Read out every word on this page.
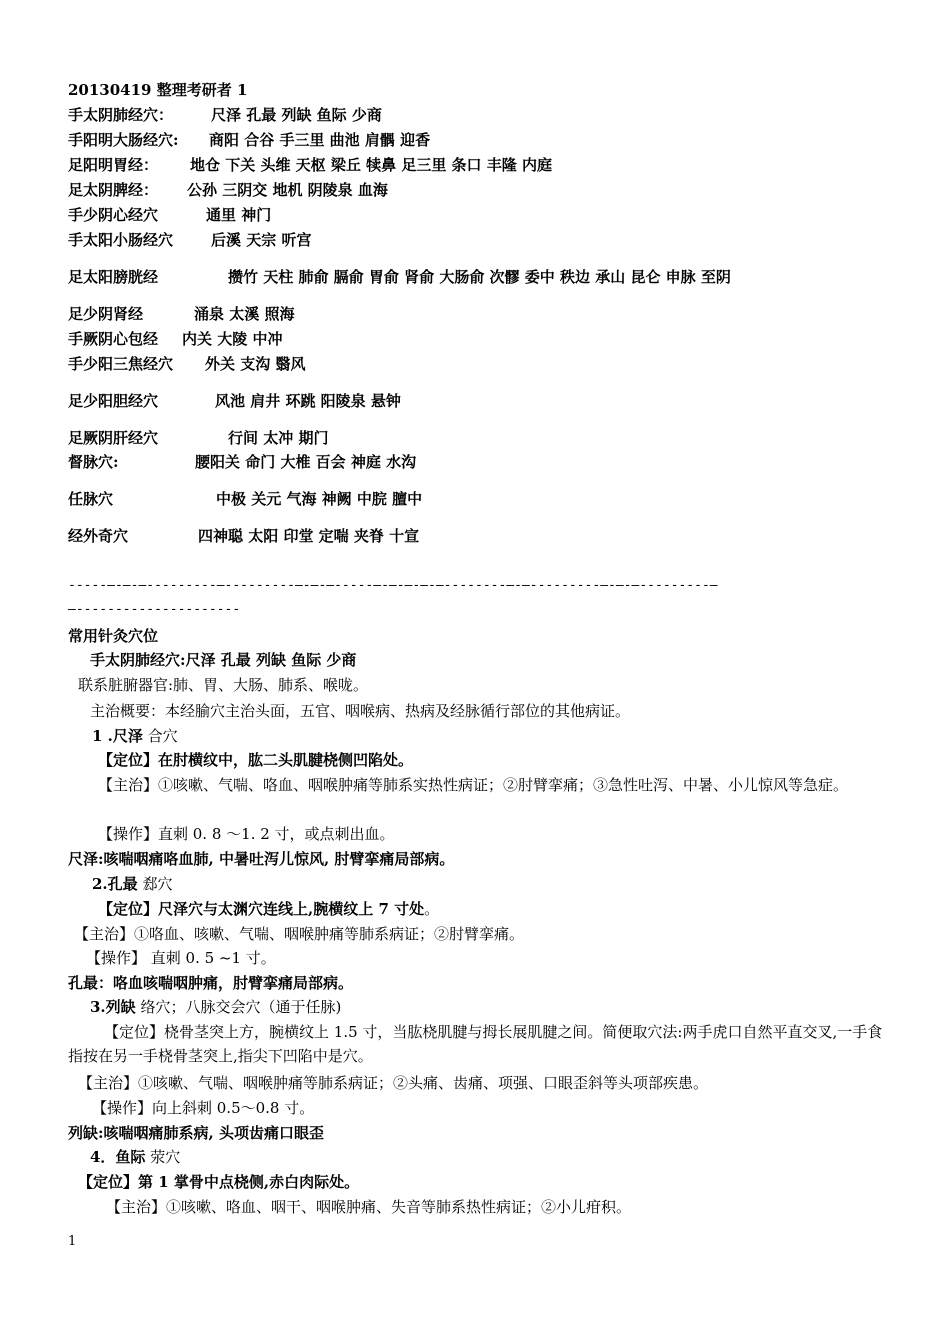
20130419 整理考研者 1
手太阴肺经穴：	尺泽 孔最 列缺 鱼际 少商
手阳明大肠经穴: 商阳 合谷 手三里 曲池 肩髃 迎香
足阳明胃经： 地仓 下关 头维 天枢 梁丘 犊鼻 足三里 条口 丰隆 内庭
足太阴脾经： 公孙 三阴交 地机 阴陵泉 血海
手少阴心经穴	通里 神门
手太阳小肠经穴	后溪 天宗 听宫
足太阳膀胱经	攒竹 天柱 肺俞 膈俞 胃俞 肾俞 大肠俞 次髎 委中 秩边 承山 昆仑 申脉 至阴
足少阴肾经	涌泉 太溪 照海
手厥阴心包经 内关 大陵 中冲
手少阳三焦经穴 外关 支沟 翳风
足少阳胆经穴	风池 肩井 环跳 阳陵泉 悬钟
足厥阴肝经穴	行间 太冲 期门
督脉穴:	腰阳关 命门 大椎 百会 神庭 水沟
任脉穴	中极 关元 气海 神阙 中脘 膻中
经外奇穴	四神聪 太阳 印堂 定喘 夹脊 十宣
-----—-—-—---------—---------—-—-—-----—-—-—-—-—--------—-—---------—-—-—---------—
—---------------------
常用针灸穴位
手太阴肺经穴:尺泽 孔最 列缺 鱼际 少商
联系脏腑器官:肺、胃、大肠、肺系、喉咙。
主治概要：本经腧穴主治头面，五官、咽喉病、热病及经脉循行部位的其他病证。
1 .尺泽 合穴
【定位】在肘横纹中，肱二头肌腱桡侧凹陷处。
【主治】①咳嗽、气喘、咯血、咽喉肿痛等肺系实热性病证；②肘臂挛痛；③急性吐泻、中暑、小儿惊风等急症。
【操作】直刺 0. 8 ～1. 2 寸，或点刺出血。
尺泽:咳喘咽痛咯血肺, 中暑吐泻儿惊风, 肘臂挛痛局部病。
2.孔最 郄穴
【定位】尺泽穴与太渊穴连线上,腕横纹上 7 寸处。
【主治】①咯血、咳嗽、气喘、咽喉肿痛等肺系病证；②肘臂挛痛。
【操作】 直刺 0. 5 ~1 寸。
孔最：咯血咳喘咽肿痛，肘臂挛痛局部病。
3.列缺 络穴；八脉交会穴（通于任脉)
【定位】桡骨茎突上方，腕横纹上 1.5 寸，当肱桡肌腱与拇长展肌腱之间。简便取穴法:两手虎口自然平直交叉,一手食指按在另一手桡骨茎突上,指尖下凹陷中是穴。
【主治】①咳嗽、气喘、咽喉肿痛等肺系病证；②头痛、齿痛、项强、口眼歪斜等头项部疾患。
【操作】向上斜刺 0.5～0.8 寸。
列缺:咳喘咽痛肺系病, 头项齿痛口眼歪
4．鱼际 荥穴
【定位】第 1 掌骨中点桡侧,赤白肉际处。
【主治】①咳嗽、咯血、咽干、咽喉肿痛、失音等肺系热性病证；②小儿疳积。
1
